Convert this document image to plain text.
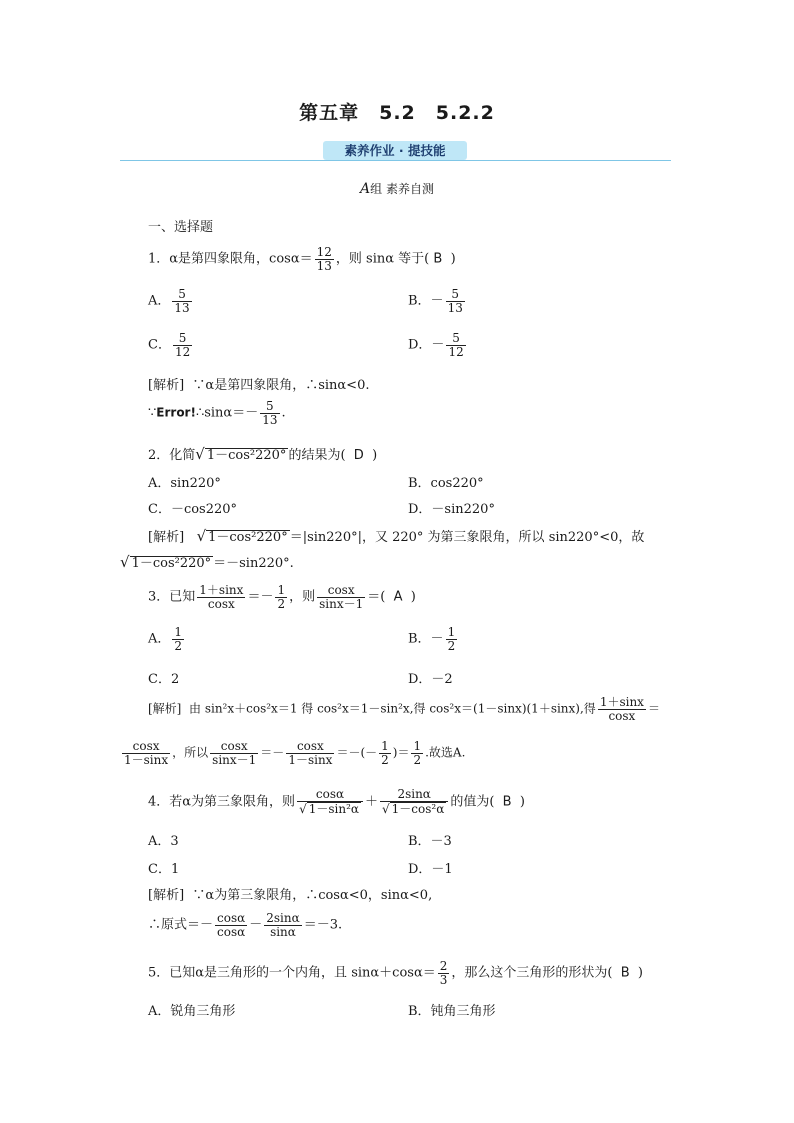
第五章　5.2　5.2.2
素养作业 · 提技能
A组 素养自测
一、选择题
1．α是第四象限角，$\cos\alpha= \frac{12}{13}$ ，则 sinα 等于( B )
A． $\frac{5}{13}$	B．－ $\frac{5}{13}$
C． $\frac{5}{12}$	D．－ $\frac{5}{12}$
[解析] ∵α是第四象限角，∴sinα<0.
∵Error!∴sinα＝－ $\frac{5}{13}$ .
2．化简√ 1－cos²220° 的结果为( D )
A．sin220°	B．cos220°
C．－cos220°	D．－sin220°
[解析] √ 1－cos²220° ＝|sin220°|，又 220° 为第三象限角，所以 sin220°<0，故
√ 1－cos²220° ＝－sin220°.
3．已知 $\frac{1+\sin x}{\cos x} =- \frac{1}{2}$ ，则 $\frac{\cos x}{\sin x-1}$ ＝( A )
A． $\frac{1}{2}$	B．－ $\frac{1}{2}$
C．2	D．－2
[解析] 由 sin²x＋cos²x＝1 得 cos²x＝1－sin²x,得 cos²x＝(1－sinx)(1＋sinx),得 $\frac{1+\sin x}{\cos x}$ ＝
$\frac{\cos x}{1-\sin x}$ ，所以 $\frac{\cos x}{\sin x-1} =- \frac{\cos x}{1-\sin x}$ ＝－(－ $\frac{1}{2}$ )＝ $\frac{1}{2}$ .故选A.
4．若α为第三象限角，则 $\frac{\cos\alpha}{\text{√ 1－sin²α}} + \frac{2\sin\alpha}{\text{√ 1－cos²α}}$ 的值为( B )
A．3	B．－3
C．1	D．－1
[解析] ∵α为第三象限角，∴cosα<0，sinα<0,
∴原式＝－ $\frac{\cos\alpha}{\cos\alpha} - \frac{2\sin\alpha}{\sin\alpha} =-3$.
5．已知α是三角形的一个内角，且 $\sin\alpha+\cos\alpha= \frac{2}{3}$ ，那么这个三角形的形状为( B )
A．锐角三角形	B．钝角三角形
